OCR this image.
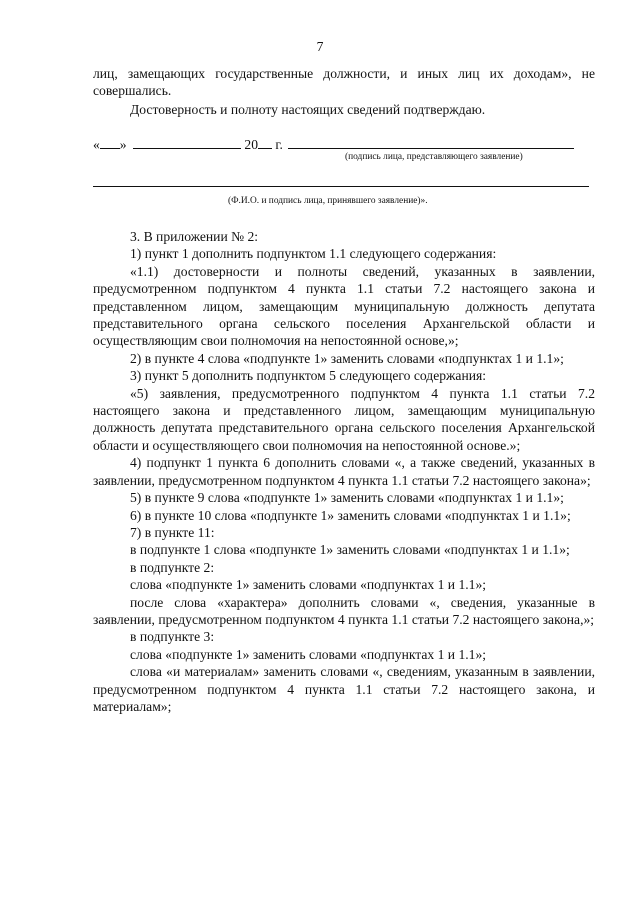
7

лиц, замещающих государственные должности, и иных лиц их доходам», не совершались.

Достоверность и полноту настоящих сведений подтверждаю.

« »	20 г.
(подпись лица, представляющего заявление)
(Ф.И.О. и подпись лица, принявшего заявление)».

3. В приложении № 2:

1) пункт 1 дополнить подпунктом 1.1 следующего содержания:

«1.1) достоверности и полноты сведений, указанных в заявлении, предусмотренном подпунктом 4 пункта 1.1 статьи 7.2 настоящего закона и представленном лицом, замещающим муниципальную должность депутата представительного органа сельского поселения Архангельской области и осуществляющим свои полномочия на непостоянной основе,»;

2) в пункте 4 слова «подпункте 1» заменить словами «подпунктах 1 и 1.1»;

3) пункт 5 дополнить подпунктом 5 следующего содержания:

«5) заявления, предусмотренного подпунктом 4 пункта 1.1 статьи 7.2 настоящего закона и представленного лицом, замещающим муниципальную должность депутата представительного органа сельского поселения Архангельской области и осуществляющего свои полномочия на непостоянной основе.»;

4) подпункт 1 пункта 6 дополнить словами «, а также сведений, указанных в заявлении, предусмотренном подпунктом 4 пункта 1.1 статьи 7.2 настоящего закона»;

5) в пункте 9 слова «подпункте 1» заменить словами «подпунктах 1 и 1.1»;

6) в пункте 10 слова «подпункте 1» заменить словами «подпунктах 1 и 1.1»;

7) в пункте 11:

в подпункте 1 слова «подпункте 1» заменить словами «подпунктах 1 и 1.1»;

в подпункте 2:

слова «подпункте 1» заменить словами «подпунктах 1 и 1.1»;

после слова «характера» дополнить словами «, сведения, указанные в заявлении, предусмотренном подпунктом 4 пункта 1.1 статьи 7.2 настоящего закона,»;

в подпункте 3:

слова «подпункте 1» заменить словами «подпунктах 1 и 1.1»;

слова «и материалам» заменить словами «, сведениям, указанным в заявлении, предусмотренном подпунктом 4 пункта 1.1 статьи 7.2 настоящего закона, и материалам»;
